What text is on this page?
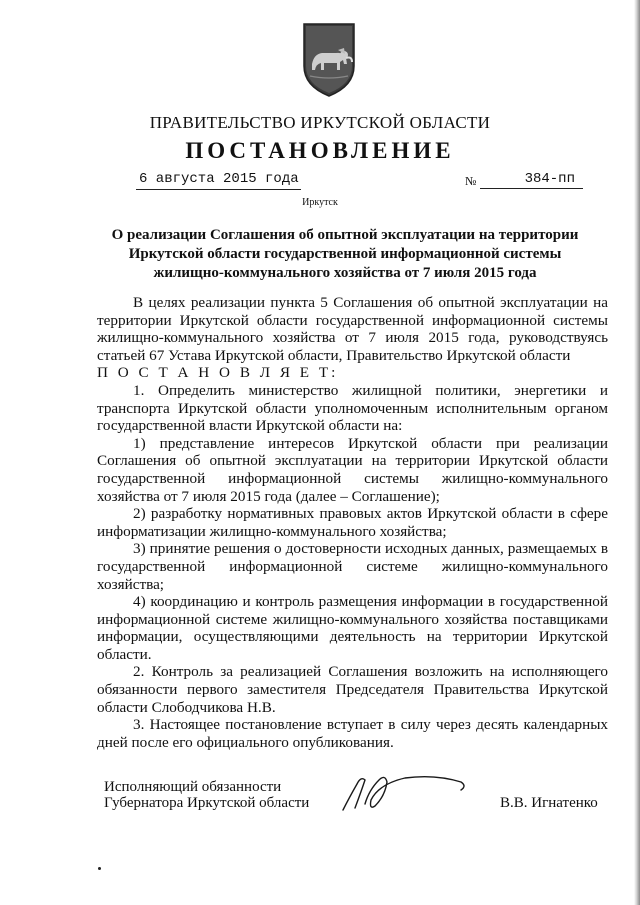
ПРАВИТЕЛЬСТВО ИРКУТСКОЙ ОБЛАСТИ
ПОСТАНОВЛЕНИЕ
6 августа 2015 года	№	384-пп
Иркутск
О реализации Соглашения об опытной эксплуатации на территории
Иркутской области государственной информационной системы
жилищно-коммунального хозяйства от 7 июля 2015 года

В целях реализации пункта 5 Соглашения об опытной эксплуатации на территории Иркутской области государственной информационной системы жилищно-коммунального хозяйства от 7 июля 2015 года, руководствуясь статьей 67 Устава Иркутской области, Правительство Иркутской области

П О С Т А Н О В Л Я Е Т:

1. Определить министерство жилищной политики, энергетики и транспорта Иркутской области уполномоченным исполнительным органом государственной власти Иркутской области на:

1) представление интересов Иркутской области при реализации Соглашения об опытной эксплуатации на территории Иркутской области государственной информационной системы жилищно-коммунального хозяйства от 7 июля 2015 года (далее – Соглашение);

2) разработку нормативных правовых актов Иркутской области в сфере информатизации жилищно-коммунального хозяйства;

3) принятие решения о достоверности исходных данных, размещаемых в государственной информационной системе жилищно-коммунального хозяйства;

4) координацию и контроль размещения информации в государственной информационной системе жилищно-коммунального хозяйства поставщиками информации, осуществляющими деятельность на территории Иркутской области.

2. Контроль за реализацией Соглашения возложить на исполняющего обязанности первого заместителя Председателя Правительства Иркутской области Слободчикова Н.В.

3. Настоящее постановление вступает в силу через десять календарных дней после его официального опубликования.

Исполняющий обязанности
Губернатора Иркутской области	В.В. Игнатенко
